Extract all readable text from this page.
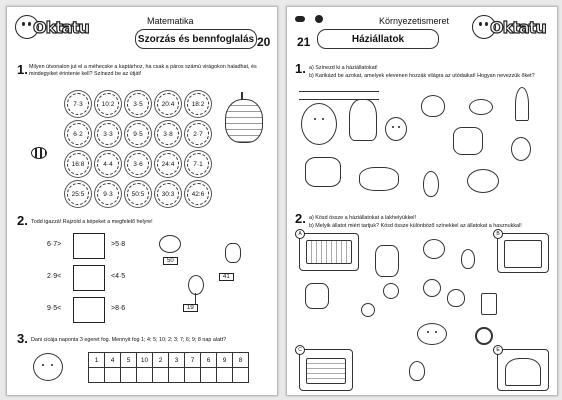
Oktatu	Matematika
Szorzás és bennfoglalás 20
1. Milyen útvonalon jut el a méhecske a kaptárhoz, ha csak a páros számú virágokon haladhat, és mindegyiket érintenie kell? Színezd be az útját!
7·3	10:2	3·5	20:4	18:2
6·2	3·3	9·5	3·8	2·7
16:8	4·4	3·6	24:4	7·1
25:5	9·3	50:5	30:3	42:6
2. Todd igazzá! Rajzold a képeket a megfelelő helyre!
6·7>	>5·8
2·9<	<4·5
9·5<	>8·6
50
41
19
3. Dani cicája naponta 3 egeret fog. Mennyit fog 1; 4; 5; 10; 2; 3; 7; 6; 9; 8 nap alatt?
1	4	5	10	2	3	7	6	9	8
Környezetismeret
21	Háziállatok
Oktatu
1. a) Színezd ki a háziállatokat!
b) Karikázd be azokat, amelyek elevenen hozzák világra az utódaikat! Hogyan nevezzük őket?
2. a) Kösd össze a háziállatokat a lakhelyükkel!
b) Melyik állatot miért tartjuk? Kösd össze különböző színekkel az állatokat a hasznukkal!
A	B
C	E
